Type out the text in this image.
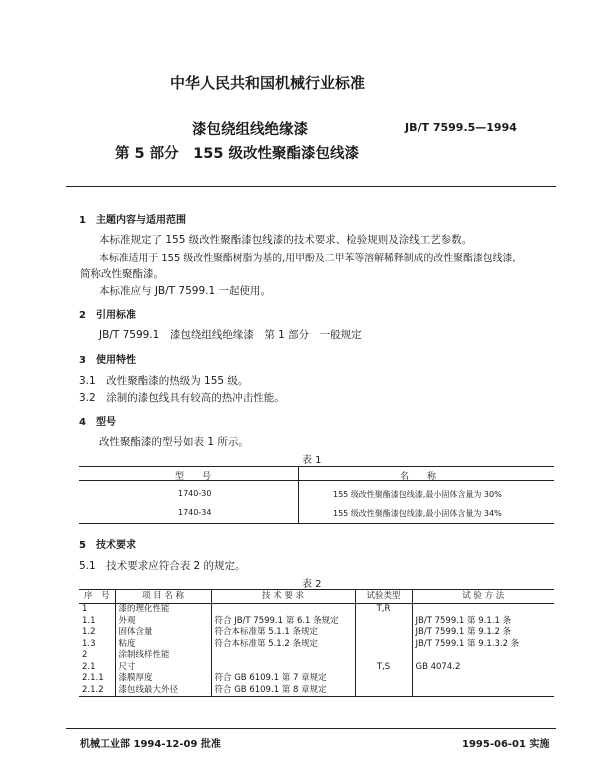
中华人民共和国机械行业标准
漆包绕组线绝缘漆	JB/T 7599.5—1994
第 5 部分　155 级改性聚酯漆包线漆
1　主题内容与适用范围
本标准规定了 155 级改性聚酯漆包线漆的技术要求、检验规则及涂线工艺参数。
本标准适用于 155 级改性聚酯树脂为基的,用甲酚及二甲苯等溶解稀释制成的改性聚酯漆包线漆,
简称改性聚酯漆。
本标准应与 JB/T 7599.1 一起使用。
2　引用标准
JB/T 7599.1　漆包绕组线绝缘漆　第 1 部分　一般规定
3　使用特性
3.1　改性聚酯漆的热级为 155 级。
3.2　涂制的漆包线具有较高的热冲击性能。
4　型号
改性聚酯漆的型号如表 1 所示。
表 1
型　　号	名　　称
1740-30	155 级改性聚酯漆包线漆,最小固体含量为 30%
1740-34	155 级改性聚酯漆包线漆,最小固体含量为 34%
5　技术要求
5.1　技术要求应符合表 2 的规定。
表 2
序　号	项 目 名 称	技 术 要 求	试验类型	试 验 方 法
1	漆的理化性能		T,R	
1.1	外观	符合 JB/T 7599.1 第 6.1 条规定		JB/T 7599.1 第 9.1.1 条
1.2	固体含量	符合本标准第 5.1.1 条规定		JB/T 7599.1 第 9.1.2 条
1.3	粘度	符合本标准第 5.1.2 条规定		JB/T 7599.1 第 9.1.3.2 条
2	涂制线样性能			
2.1	尺寸		T,S	GB 4074.2
2.1.1	漆膜厚度	符合 GB 6109.1 第 7 章规定		
2.1.2	漆包线最大外径	符合 GB 6109.1 第 8 章规定		
机械工业部 1994-12-09 批准	1995-06-01 实施
